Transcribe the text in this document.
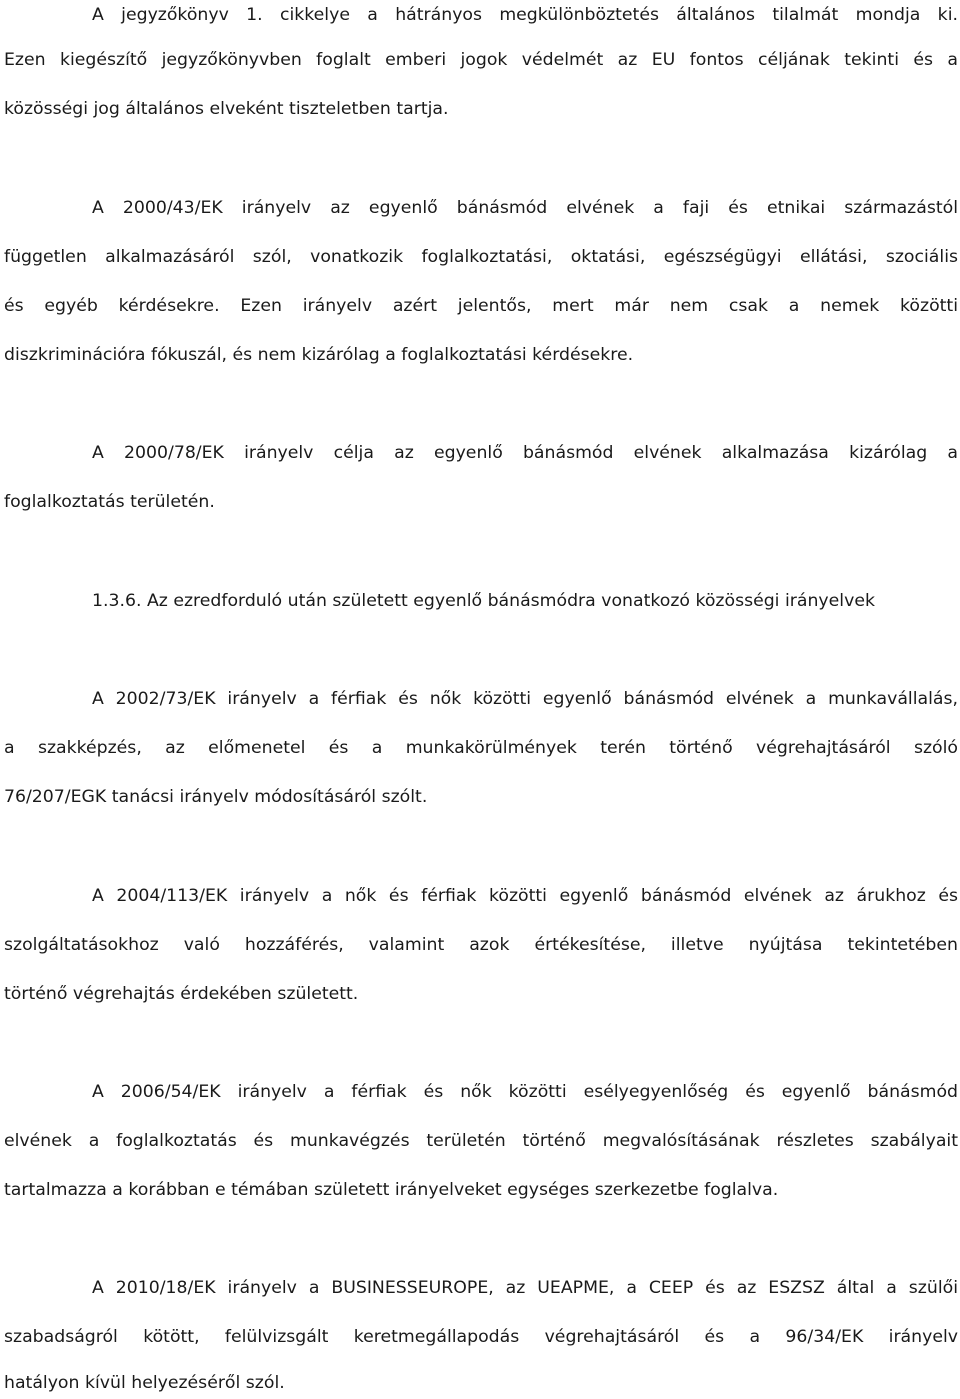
A jegyzőkönyv 1. cikkelye a hátrányos megkülönböztetés általános tilalmát mondja ki.
Ezen kiegészítő jegyzőkönyvben foglalt emberi jogok védelmét az EU fontos céljának tekinti és a
közösségi jog általános elveként tiszteletben tartja.
A 2000/43/EK irányelv az egyenlő bánásmód elvének a faji és etnikai származástól
független alkalmazásáról szól, vonatkozik foglalkoztatási, oktatási, egészségügyi ellátási, szociális
és egyéb kérdésekre. Ezen irányelv azért jelentős, mert már nem csak a nemek közötti
diszkriminációra fókuszál, és nem kizárólag a foglalkoztatási kérdésekre.
A 2000/78/EK irányelv célja az egyenlő bánásmód elvének alkalmazása kizárólag a
foglalkoztatás területén.
1.3.6. Az ezredforduló után született egyenlő bánásmódra vonatkozó közösségi irányelvek
A 2002/73/EK irányelv a férfiak és nők közötti egyenlő bánásmód elvének a munkavállalás,
a szakképzés, az előmenetel és a munkakörülmények terén történő végrehajtásáról szóló
76/207/EGK tanácsi irányelv módosításáról szólt.
A 2004/113/EK irányelv a nők és férfiak közötti egyenlő bánásmód elvének az árukhoz és
szolgáltatásokhoz való hozzáférés, valamint azok értékesítése, illetve nyújtása tekintetében
történő végrehajtás érdekében született.
A 2006/54/EK irányelv a férfiak és nők közötti esélyegyenlőség és egyenlő bánásmód
elvének a foglalkoztatás és munkavégzés területén történő megvalósításának részletes szabályait
tartalmazza a korábban e témában született irányelveket egységes szerkezetbe foglalva.
A 2010/18/EK irányelv a BUSINESSEUROPE, az UEAPME, a CEEP és az ESZSZ által a szülői
szabadságról kötött, felülvizsgált keretmegállapodás végrehajtásáról és a 96/34/EK irányelv
hatályon kívül helyezéséről szól.
